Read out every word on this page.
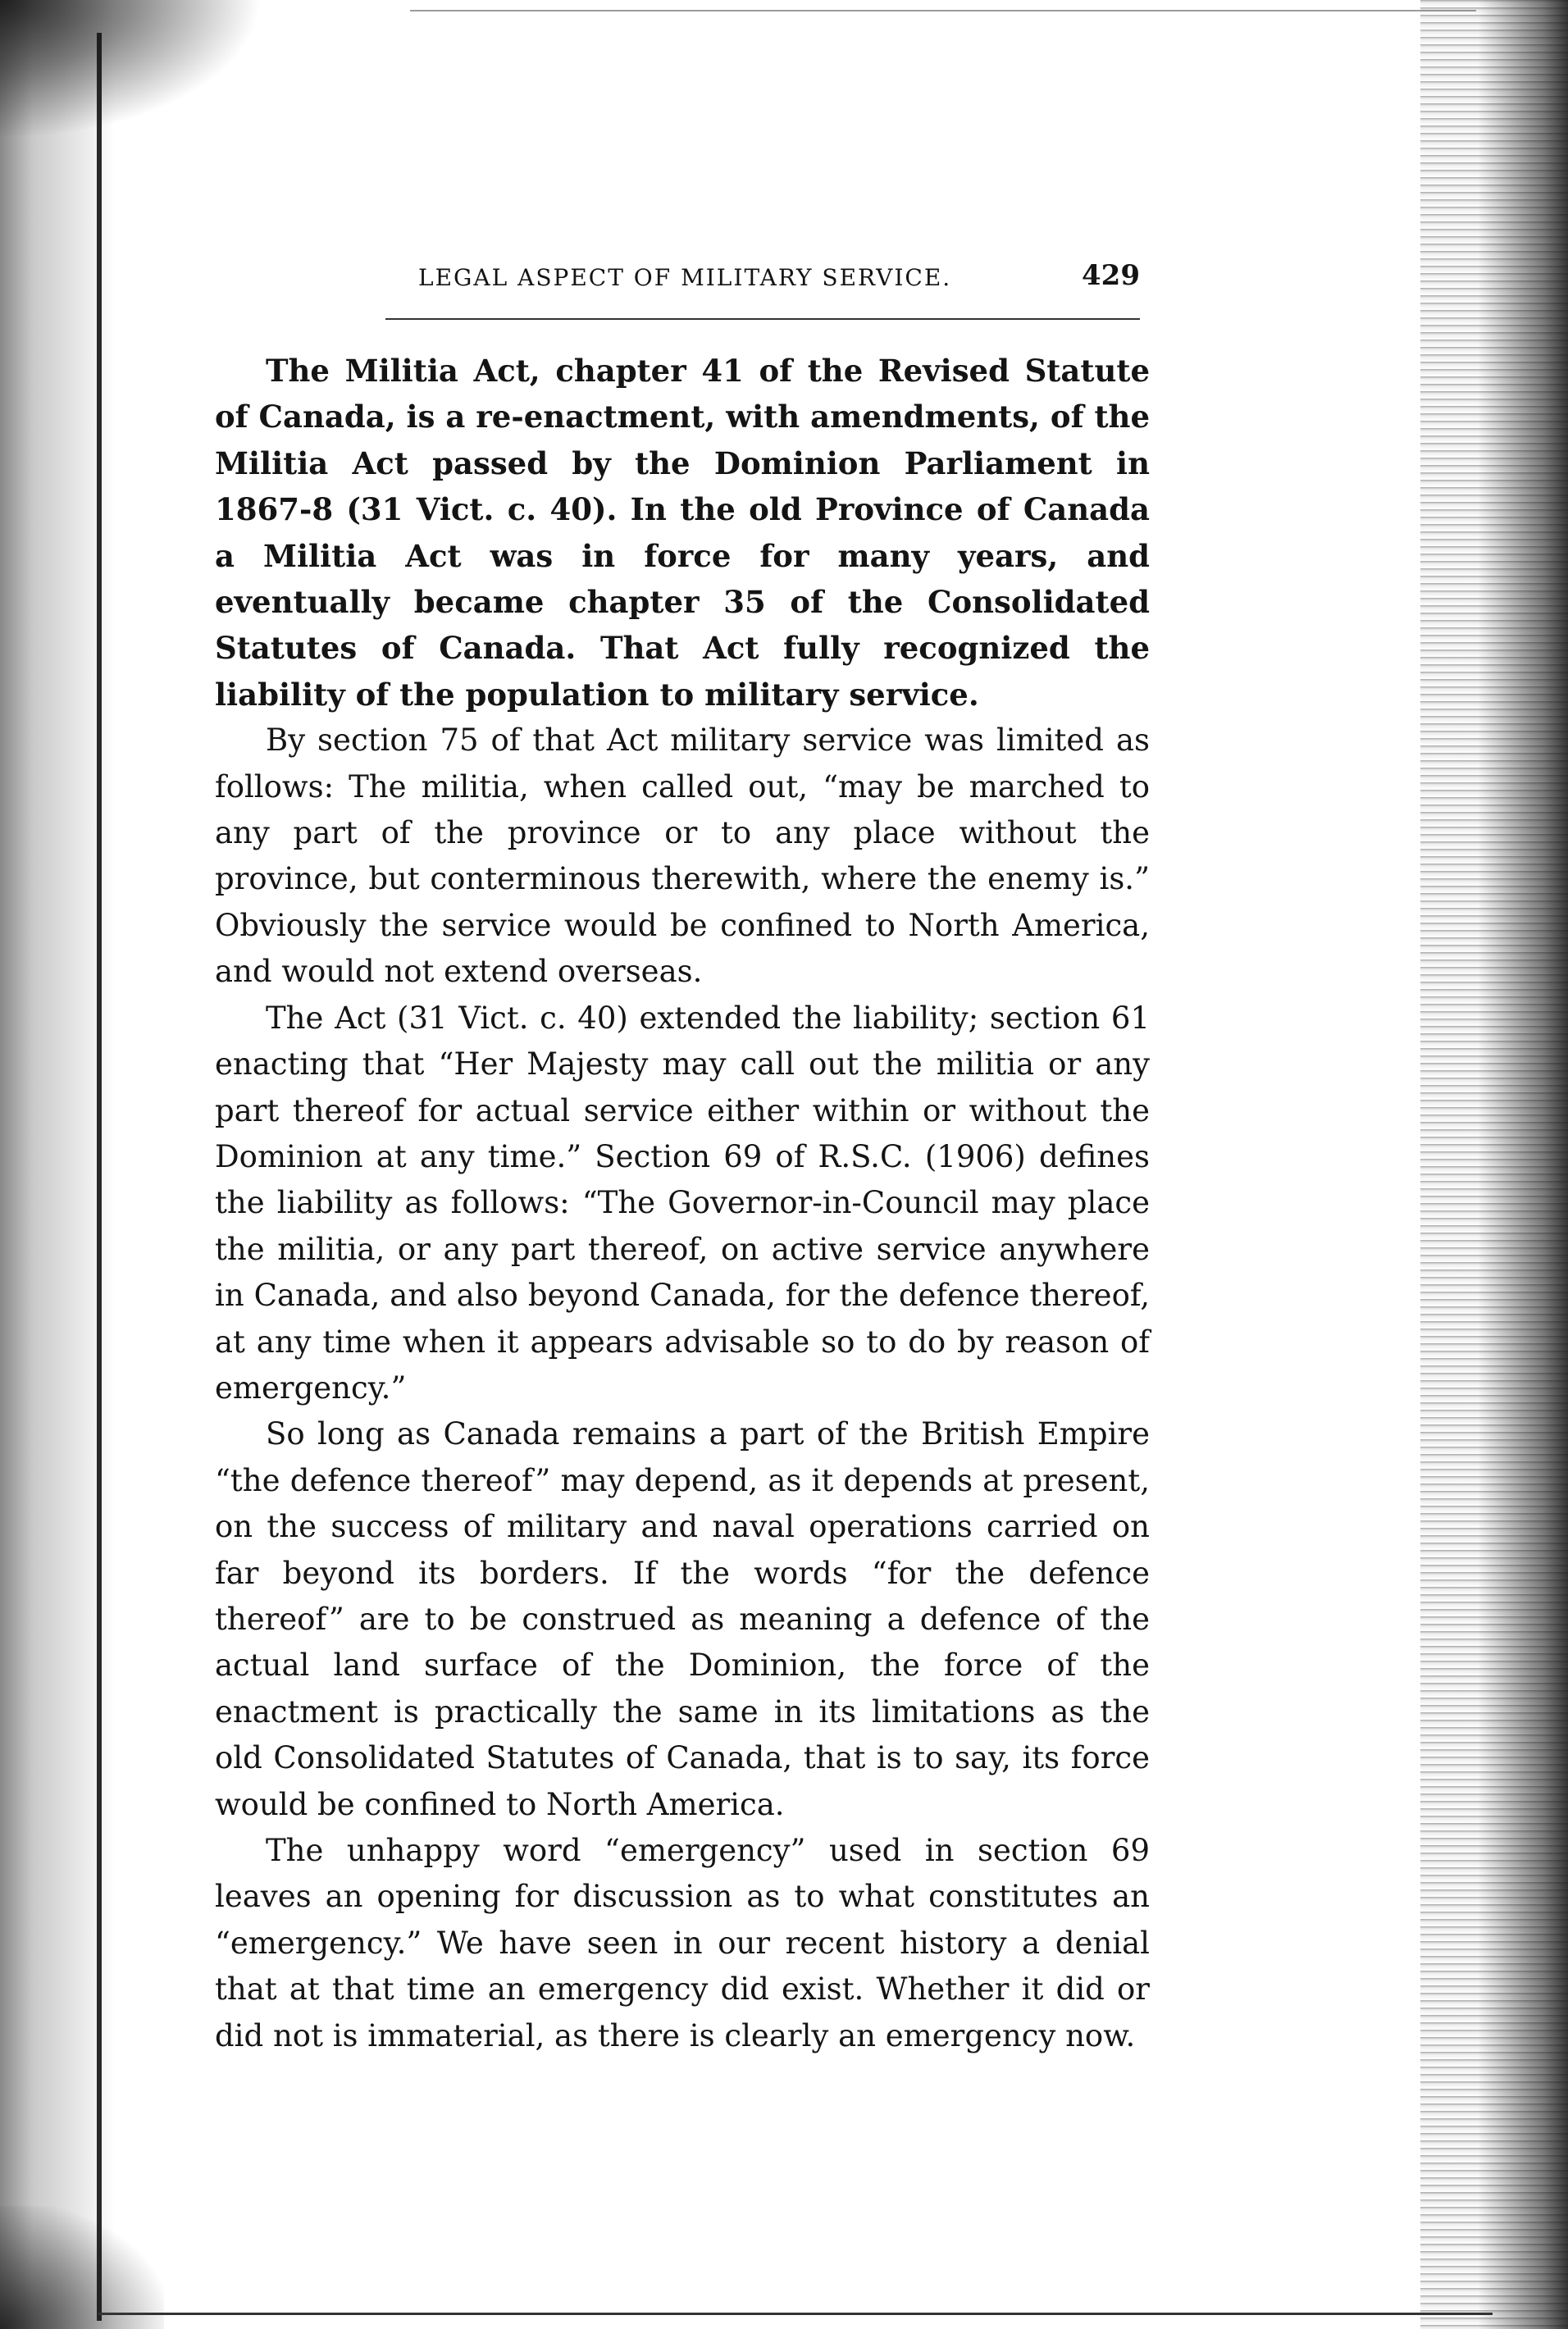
LEGAL ASPECT OF MILITARY SERVICE.	429

The Militia Act, chapter 41 of the Revised Statute of Canada, is a re-enactment, with amendments, of the Militia Act passed by the Dominion Parliament in 1867-8 (31 Vict. c. 40). In the old Province of Canada a Militia Act was in force for many years, and eventually became chapter 35 of the Consolidated Statutes of Canada. That Act fully recognized the liability of the population to military service.

By section 75 of that Act military service was limited as follows: The militia, when called out, “may be marched to any part of the province or to any place without the province, but conterminous therewith, where the enemy is.” Obviously the service would be confined to North America, and would not extend overseas.

The Act (31 Vict. c. 40) extended the liability; section 61 enacting that “Her Majesty may call out the militia or any part thereof for actual service either within or without the Dominion at any time.” Section 69 of R.S.C. (1906) defines the liability as follows: “The Governor-in-Council may place the militia, or any part thereof, on active service anywhere in Canada, and also beyond Canada, for the defence thereof, at any time when it appears advisable so to do by reason of emergency.”

So long as Canada remains a part of the British Empire “the defence thereof” may depend, as it depends at present, on the success of military and naval operations carried on far beyond its borders. If the words “for the defence thereof” are to be construed as meaning a defence of the actual land surface of the Dominion, the force of the enactment is practically the same in its limitations as the old Consolidated Statutes of Canada, that is to say, its force would be confined to North America.

The unhappy word “emergency” used in section 69 leaves an opening for discussion as to what constitutes an “emergency.” We have seen in our recent history a denial that at that time an emergency did exist. Whether it did or did not is immaterial, as there is clearly an emergency now.
